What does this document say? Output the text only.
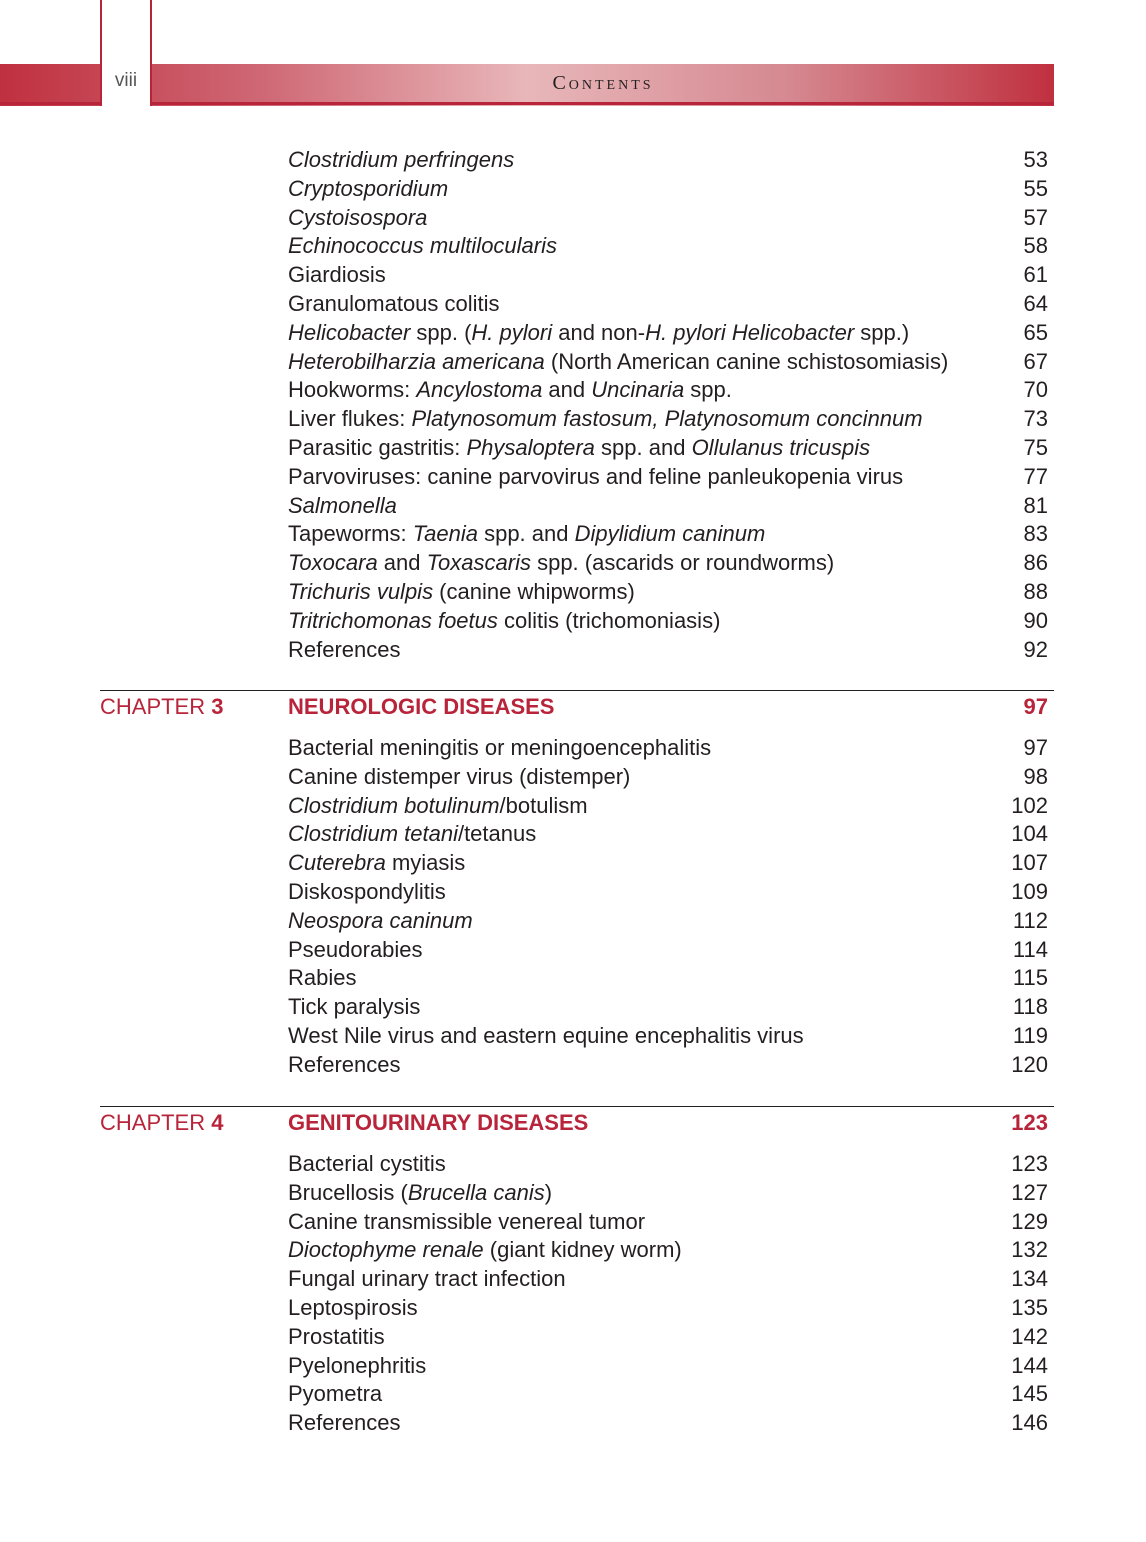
viii	Contents
Clostridium perfringens	53
Cryptosporidium	55
Cystoisospora	57
Echinococcus multilocularis	58
Giardiosis	61
Granulomatous colitis	64
Helicobacter spp. (H. pylori and non-H. pylori Helicobacter spp.)	65
Heterobilharzia americana (North American canine schistosomiasis)	67
Hookworms: Ancylostoma and Uncinaria spp.	70
Liver flukes: Platynosomum fastosum, Platynosomum concinnum	73
Parasitic gastritis: Physaloptera spp. and Ollulanus tricuspis	75
Parvoviruses: canine parvovirus and feline panleukopenia virus	77
Salmonella	81
Tapeworms: Taenia spp. and Dipylidium caninum	83
Toxocara and Toxascaris spp. (ascarids or roundworms)	86
Trichuris vulpis (canine whipworms)	88
Tritrichomonas foetus colitis (trichomoniasis)	90
References	92
CHAPTER 3	NEUROLOGIC DISEASES	97
Bacterial meningitis or meningoencephalitis	97
Canine distemper virus (distemper)	98
Clostridium botulinum/botulism	102
Clostridium tetani/tetanus	104
Cuterebra myiasis	107
Diskospondylitis	109
Neospora caninum	112
Pseudorabies	114
Rabies	115
Tick paralysis	118
West Nile virus and eastern equine encephalitis virus	119
References	120
CHAPTER 4	GENITOURINARY DISEASES	123
Bacterial cystitis	123
Brucellosis (Brucella canis)	127
Canine transmissible venereal tumor	129
Dioctophyme renale (giant kidney worm)	132
Fungal urinary tract infection	134
Leptospirosis	135
Prostatitis	142
Pyelonephritis	144
Pyometra	145
References	146
